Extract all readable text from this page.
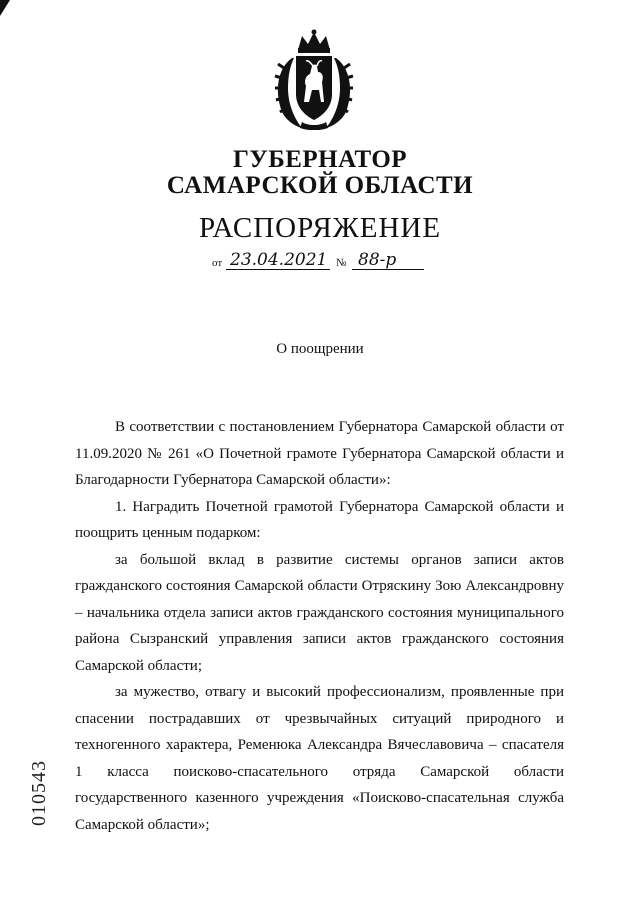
ГУБЕРНАТОР
САМАРСКОЙ ОБЛАСТИ
РАСПОРЯЖЕНИЕ
от 23.04.2021 № 88-р
О поощрении

В соответствии с постановлением Губернатора Самарской области от 11.09.2020 № 261 «О Почетной грамоте Губернатора Самарской области и Благодарности Губернатора Самарской области»:

1. Наградить Почетной грамотой Губернатора Самарской области и поощрить ценным подарком:

за большой вклад в развитие системы органов записи актов гражданского состояния Самарской области Отряскину Зою Александровну – начальника отдела записи актов гражданского состояния муниципального района Сызранский управления записи актов гражданского состояния Самарской области;

за мужество, отвагу и высокий профессионализм, проявленные при спасении пострадавших от чрезвычайных ситуаций природного и техногенного характера, Ременюка Александра Вячеславовича – спасателя 1 класса поисково-спасательного отряда Самарской области государственного казенного учреждения «Поисково-спасательная служба Самарской области»;

010543
